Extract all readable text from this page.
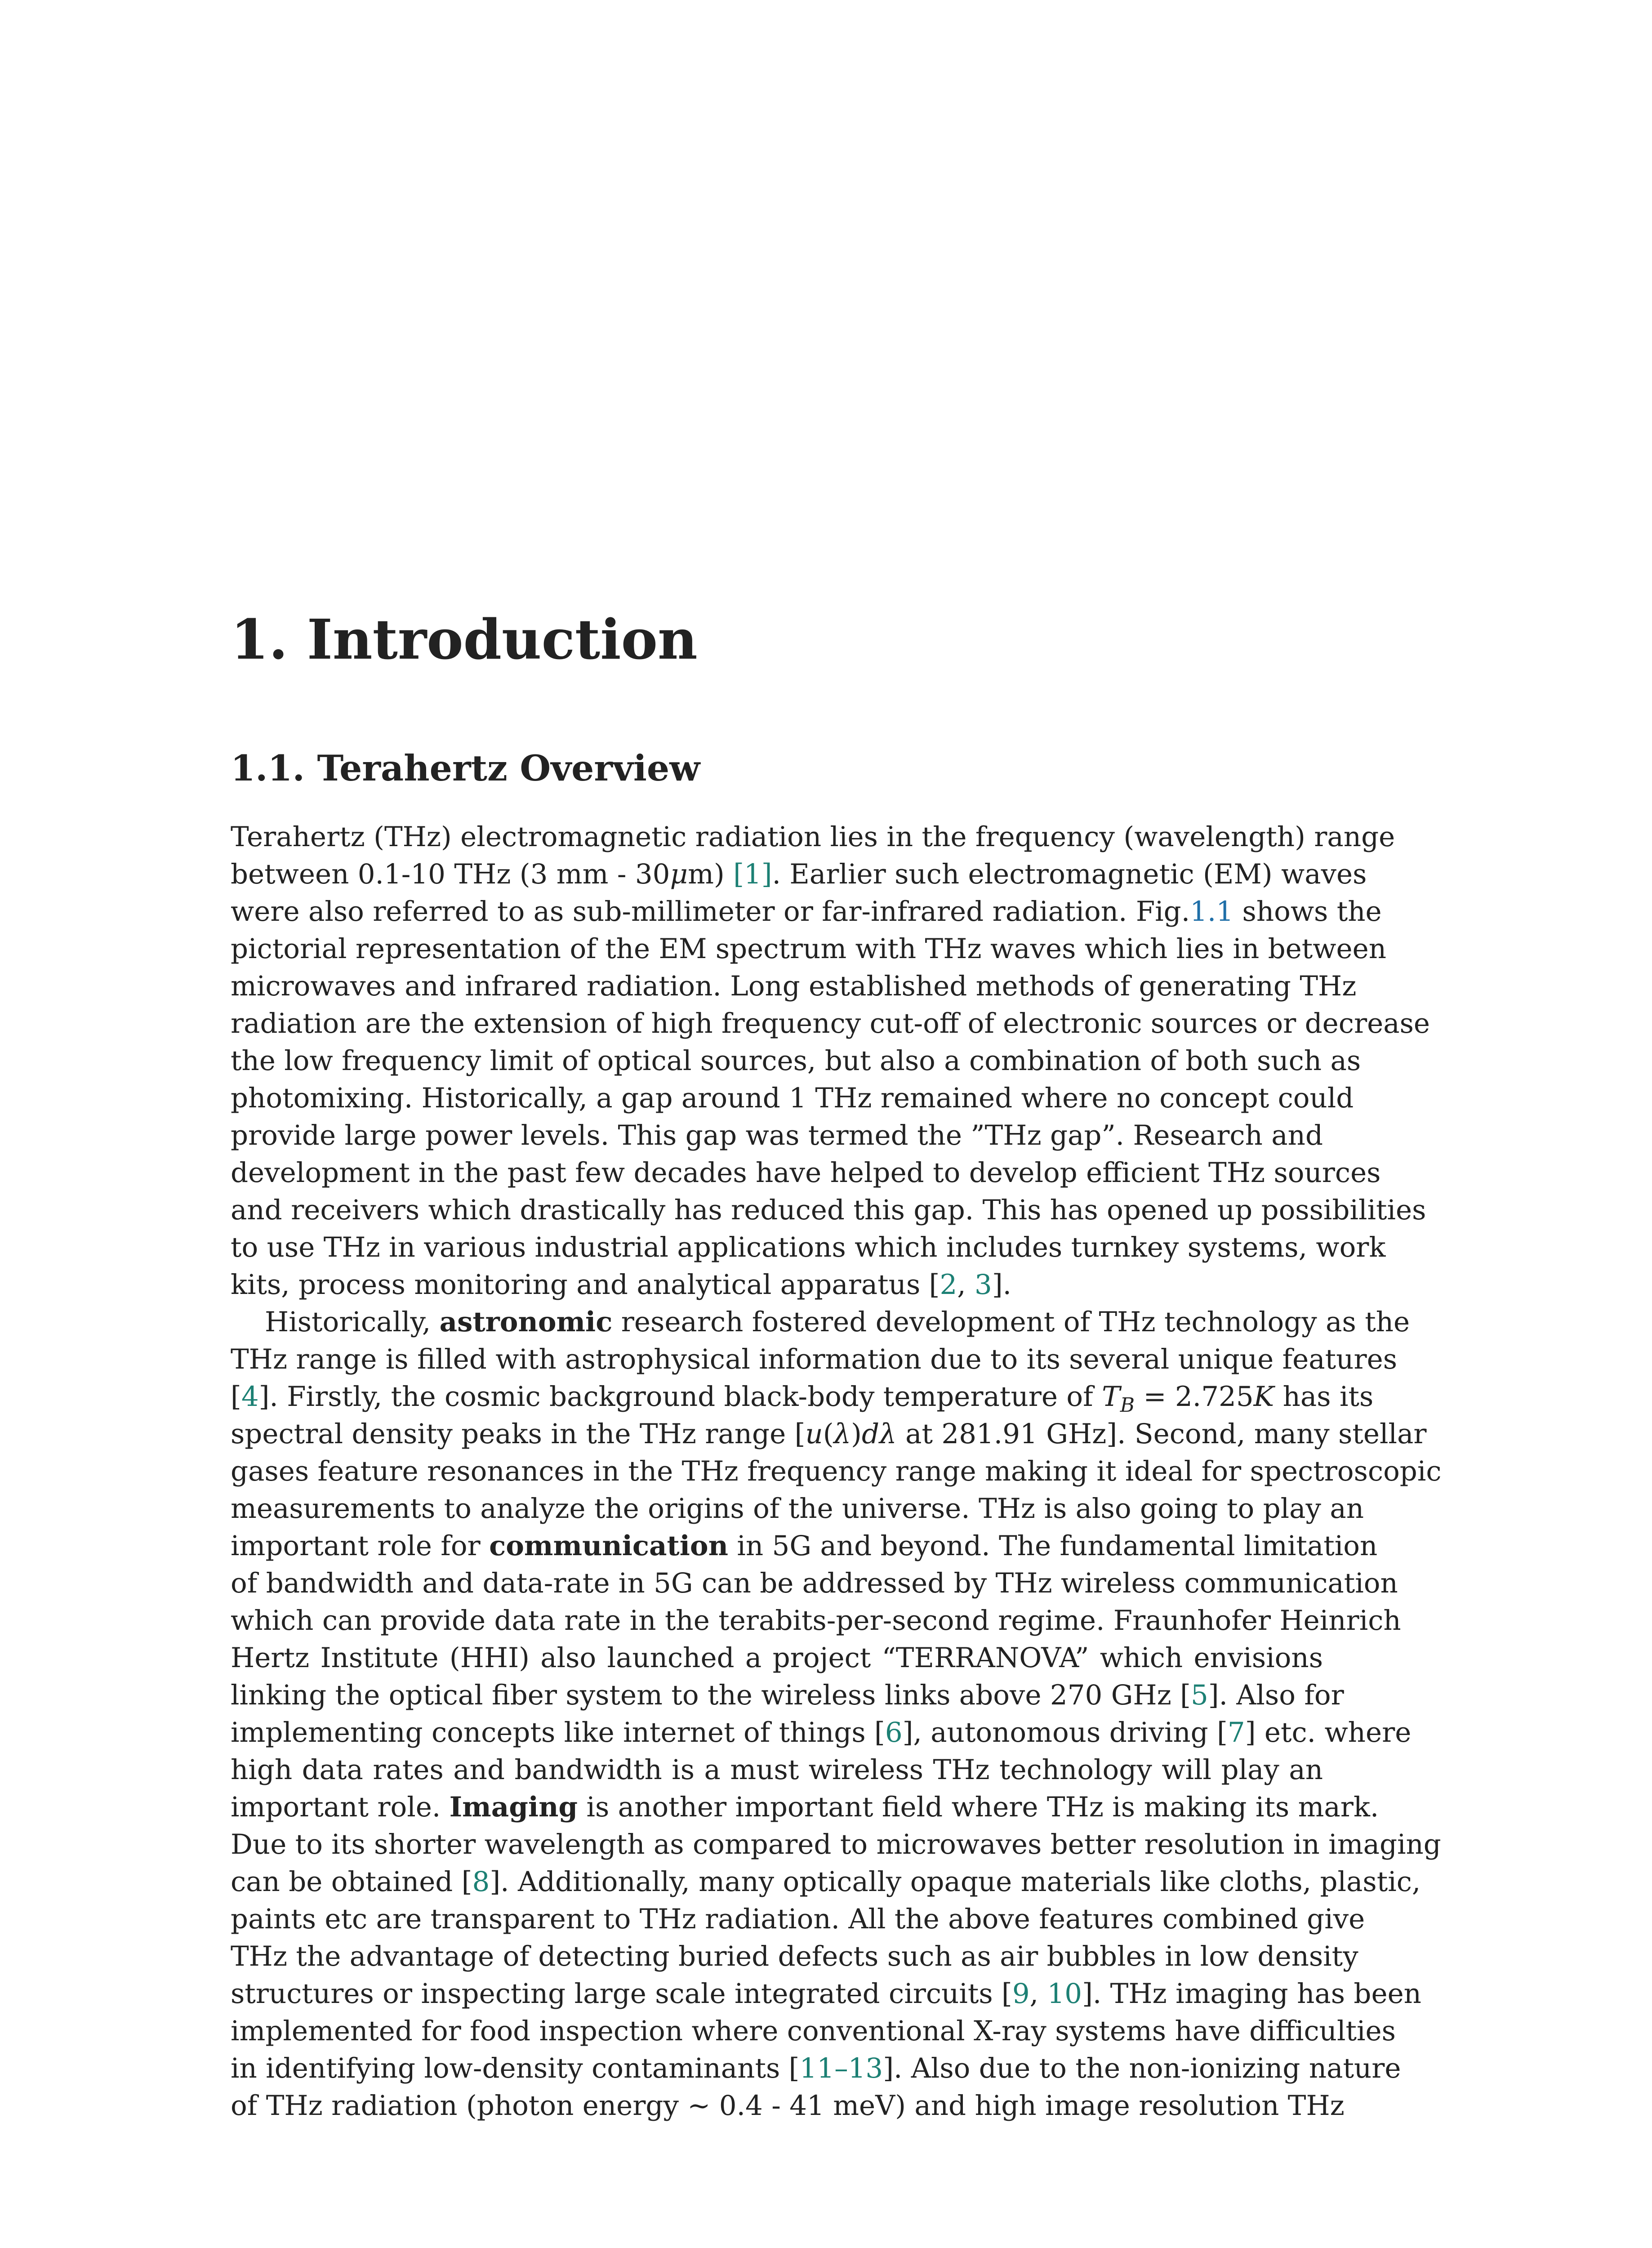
1. Introduction
1.1. Terahertz Overview
Terahertz (THz) electromagnetic radiation lies in the frequency (wavelength) range
between 0.1-10 THz (3 mm - 30μm) [1]. Earlier such electromagnetic (EM) waves
were also referred to as sub-millimeter or far-infrared radiation. Fig.1.1 shows the
pictorial representation of the EM spectrum with THz waves which lies in between
microwaves and infrared radiation. Long established methods of generating THz
radiation are the extension of high frequency cut-off of electronic sources or decrease
the low frequency limit of optical sources, but also a combination of both such as
photomixing. Historically, a gap around 1 THz remained where no concept could
provide large power levels. This gap was termed the ”THz gap”. Research and
development in the past few decades have helped to develop efficient THz sources
and receivers which drastically has reduced this gap. This has opened up possibilities
to use THz in various industrial applications which includes turnkey systems, work
kits, process monitoring and analytical apparatus [2, 3].
Historically, astronomic research fostered development of THz technology as the
THz range is filled with astrophysical information due to its several unique features
[4]. Firstly, the cosmic background black-body temperature of $T_B = 2.725K$ has its
spectral density peaks in the THz range [u(λ)dλ at 281.91 GHz]. Second, many stellar
gases feature resonances in the THz frequency range making it ideal for spectroscopic
measurements to analyze the origins of the universe. THz is also going to play an
important role for communication in 5G and beyond. The fundamental limitation
of bandwidth and data-rate in 5G can be addressed by THz wireless communication
which can provide data rate in the terabits-per-second regime. Fraunhofer Heinrich
Hertz Institute (HHI) also launched a project “TERRANOVA” which envisions
linking the optical fiber system to the wireless links above 270 GHz [5]. Also for
implementing concepts like internet of things [6], autonomous driving [7] etc. where
high data rates and bandwidth is a must wireless THz technology will play an
important role. Imaging is another important field where THz is making its mark.
Due to its shorter wavelength as compared to microwaves better resolution in imaging
can be obtained [8]. Additionally, many optically opaque materials like cloths, plastic,
paints etc are transparent to THz radiation. All the above features combined give
THz the advantage of detecting buried defects such as air bubbles in low density
structures or inspecting large scale integrated circuits [9, 10]. THz imaging has been
implemented for food inspection where conventional X-ray systems have difficulties
in identifying low-density contaminants [11–13]. Also due to the non-ionizing nature
of THz radiation (photon energy ~ 0.4 - 41 meV) and high image resolution THz
